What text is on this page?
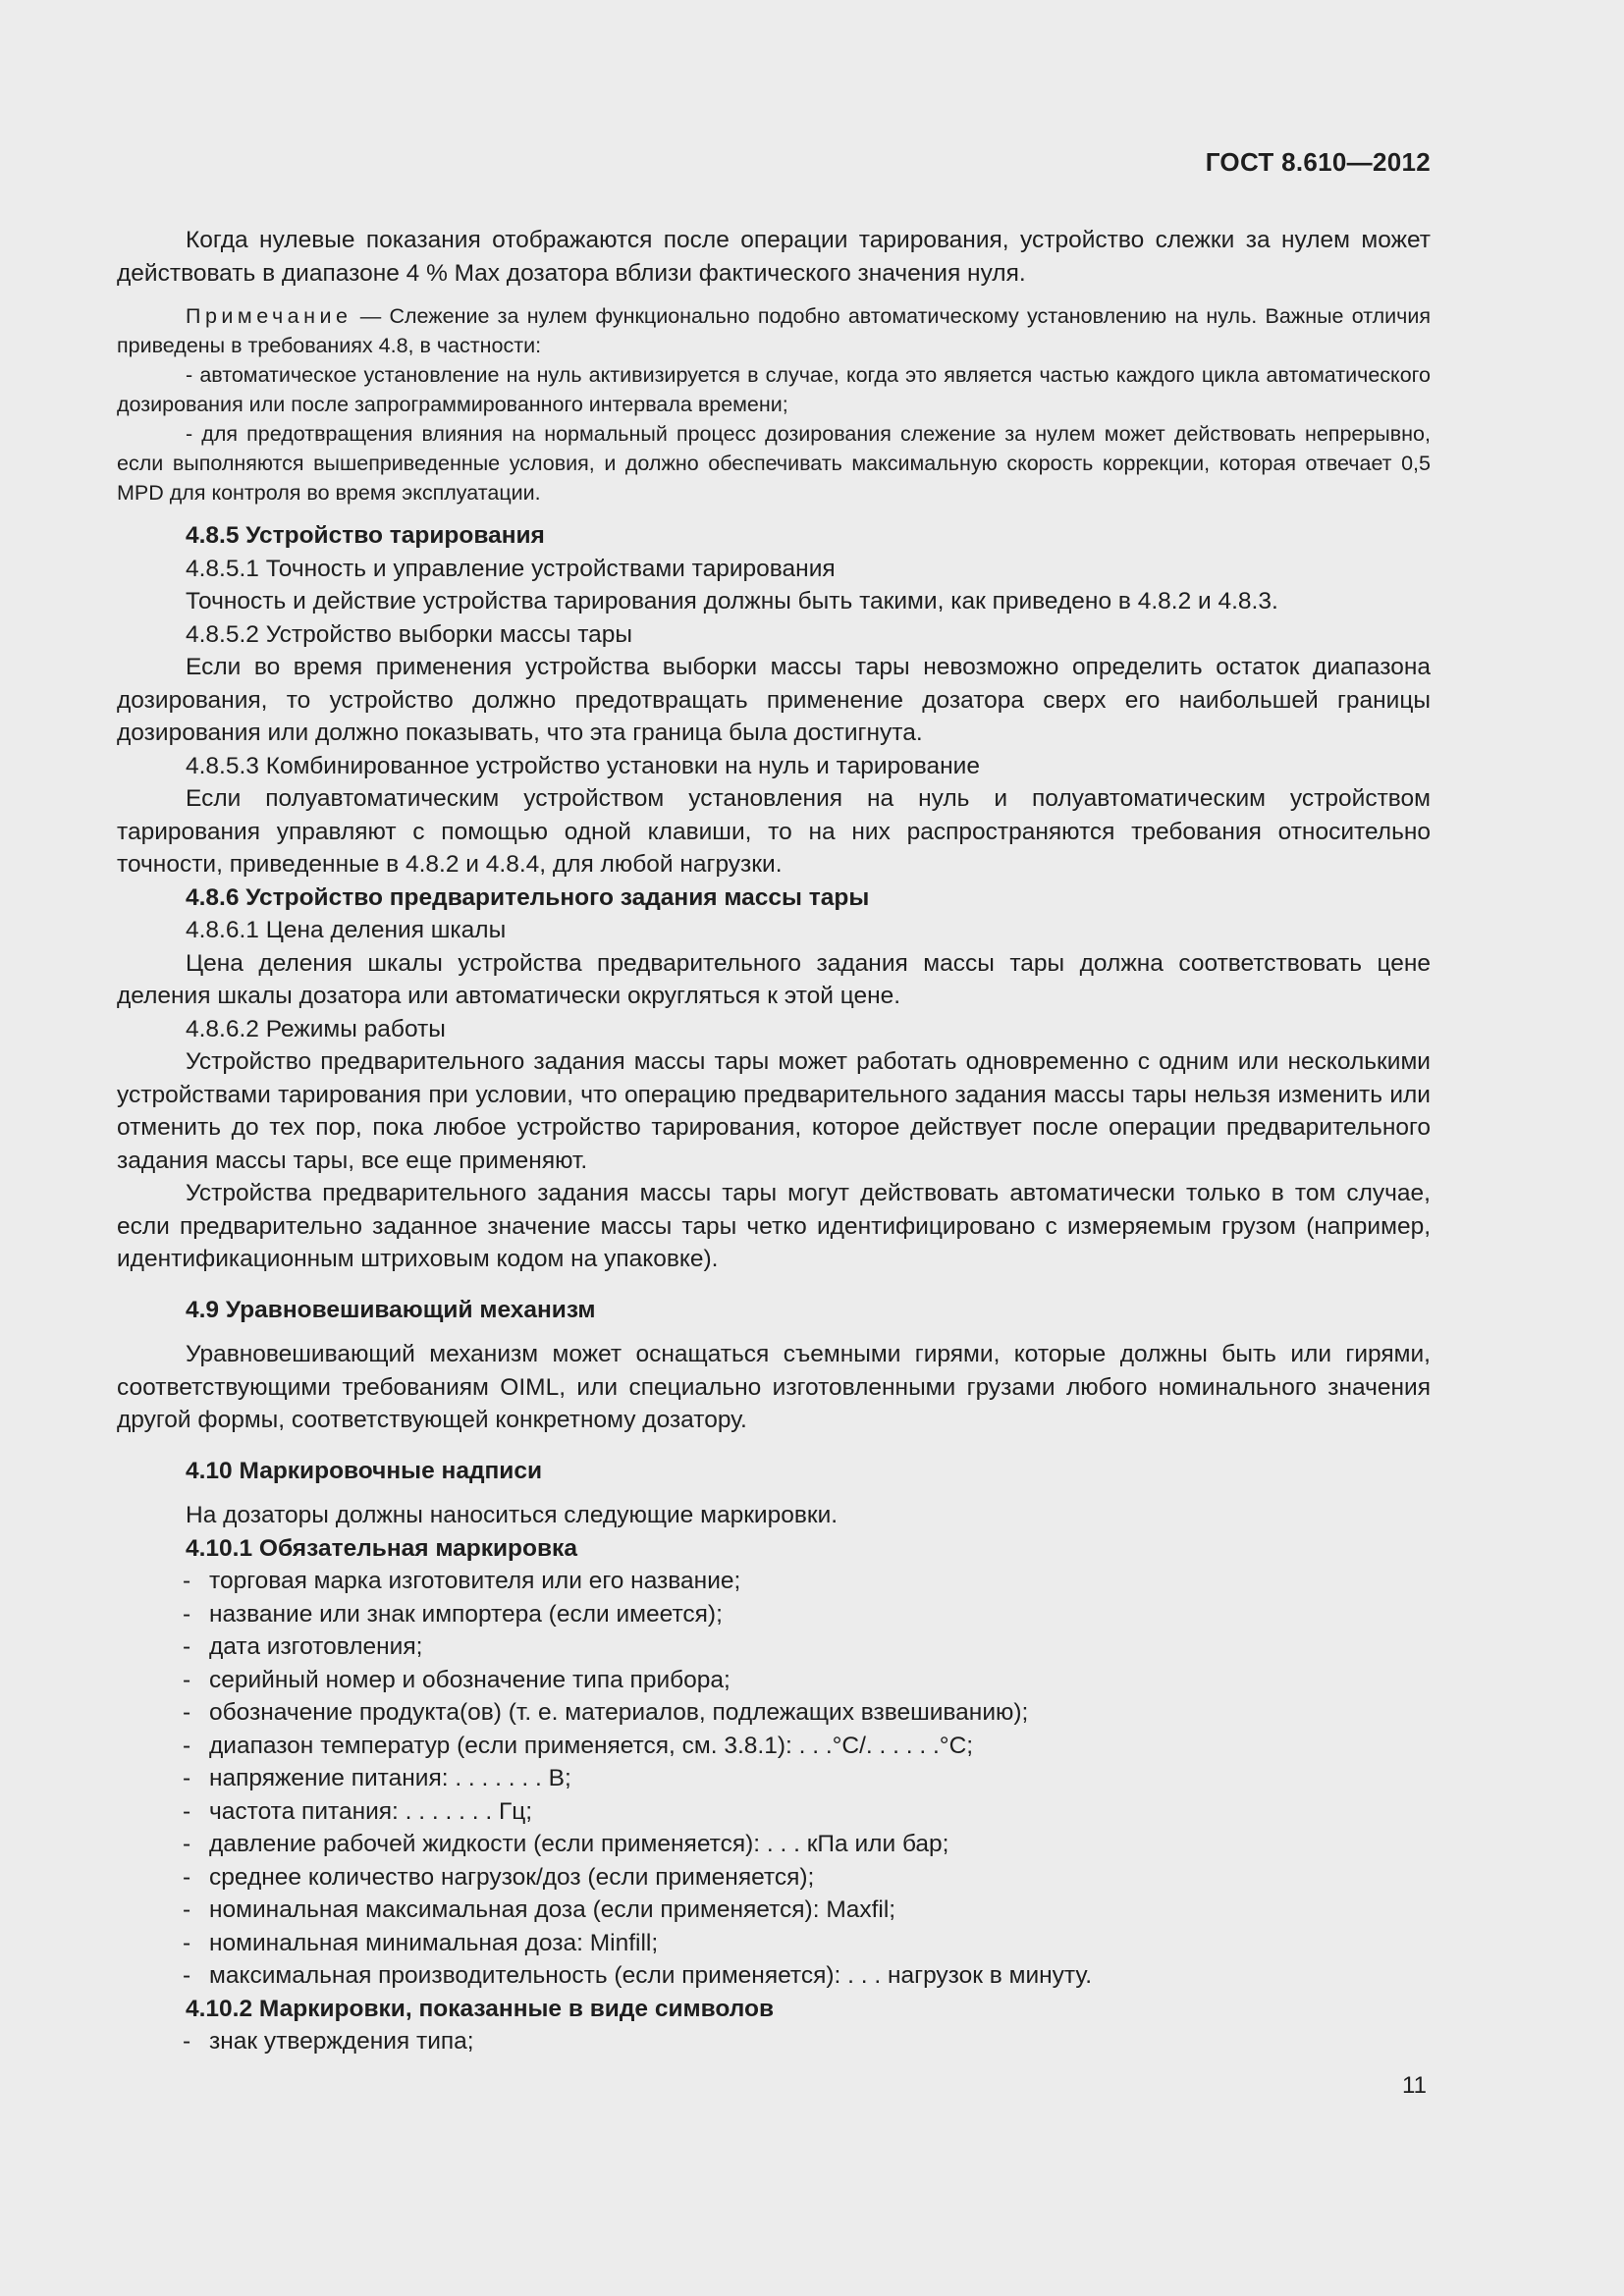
ГОСТ 8.610—2012

Когда нулевые показания отображаются после операции тарирования, устройство слежки за нулем может действовать в диапазоне 4 % Max дозатора вблизи фактического значения нуля.

Примечание — Слежение за нулем функционально подобно автоматическому установлению на нуль. Важные отличия приведены в требованиях 4.8, в частности:

- автоматическое установление на нуль активизируется в случае, когда это является частью каждого цикла автоматического дозирования или после запрограммированного интервала времени;

- для предотвращения влияния на нормальный процесс дозирования слежение за нулем может действовать непрерывно, если выполняются вышеприведенные условия, и должно обеспечивать максимальную скорость коррекции, которая отвечает 0,5 MPD для контроля во время эксплуатации.

4.8.5 Устройство тарирования

4.8.5.1 Точность и управление устройствами тарирования

Точность и действие устройства тарирования должны быть такими, как приведено в 4.8.2 и 4.8.3.

4.8.5.2 Устройство выборки массы тары

Если во время применения устройства выборки массы тары невозможно определить остаток диапазона дозирования, то устройство должно предотвращать применение дозатора сверх его наибольшей границы дозирования или должно показывать, что эта граница была достигнута.

4.8.5.3 Комбинированное устройство установки на нуль и тарирование

Если полуавтоматическим устройством установления на нуль и полуавтоматическим устройством тарирования управляют с помощью одной клавиши, то на них распространяются требования относительно точности, приведенные в 4.8.2 и 4.8.4, для любой нагрузки.

4.8.6 Устройство предварительного задания массы тары

4.8.6.1 Цена деления шкалы

Цена деления шкалы устройства предварительного задания массы тары должна соответствовать цене деления шкалы дозатора или автоматически округляться к этой цене.

4.8.6.2 Режимы работы

Устройство предварительного задания массы тары может работать одновременно с одним или несколькими устройствами тарирования при условии, что операцию предварительного задания массы тары нельзя изменить или отменить до тех пор, пока любое устройство тарирования, которое действует после операции предварительного задания массы тары, все еще применяют.

Устройства предварительного задания массы тары могут действовать автоматически только в том случае, если предварительно заданное значение массы тары четко идентифицировано с измеряемым грузом (например, идентификационным штриховым кодом на упаковке).

4.9 Уравновешивающий механизм

Уравновешивающий механизм может оснащаться съемными гирями, которые должны быть или гирями, соответствующими требованиям OIML, или специально изготовленными грузами любого номинального значения другой формы, соответствующей конкретному дозатору.

4.10 Маркировочные надписи

На дозаторы должны наноситься следующие маркировки.

4.10.1 Обязательная маркировка

- торговая марка изготовителя или его название;
- название или знак импортера (если имеется);
- дата изготовления;
- серийный номер и обозначение типа прибора;
- обозначение продукта(ов) (т. е. материалов, подлежащих взвешиванию);
- диапазон температур (если применяется, см. 3.8.1): . . .°С/. . . . . .°С;
- напряжение питания: . . . . . . . В;
- частота питания: . . . . . . . Гц;
- давление рабочей жидкости (если применяется): . . . кПа или бар;
- среднее количество нагрузок/доз (если применяется);
- номинальная максимальная доза (если применяется): Maxfil;
- номинальная минимальная доза: Minfill;
- максимальная производительность (если применяется): . . . нагрузок в минуту.

4.10.2 Маркировки, показанные в виде символов

- знак утверждения типа;
11
